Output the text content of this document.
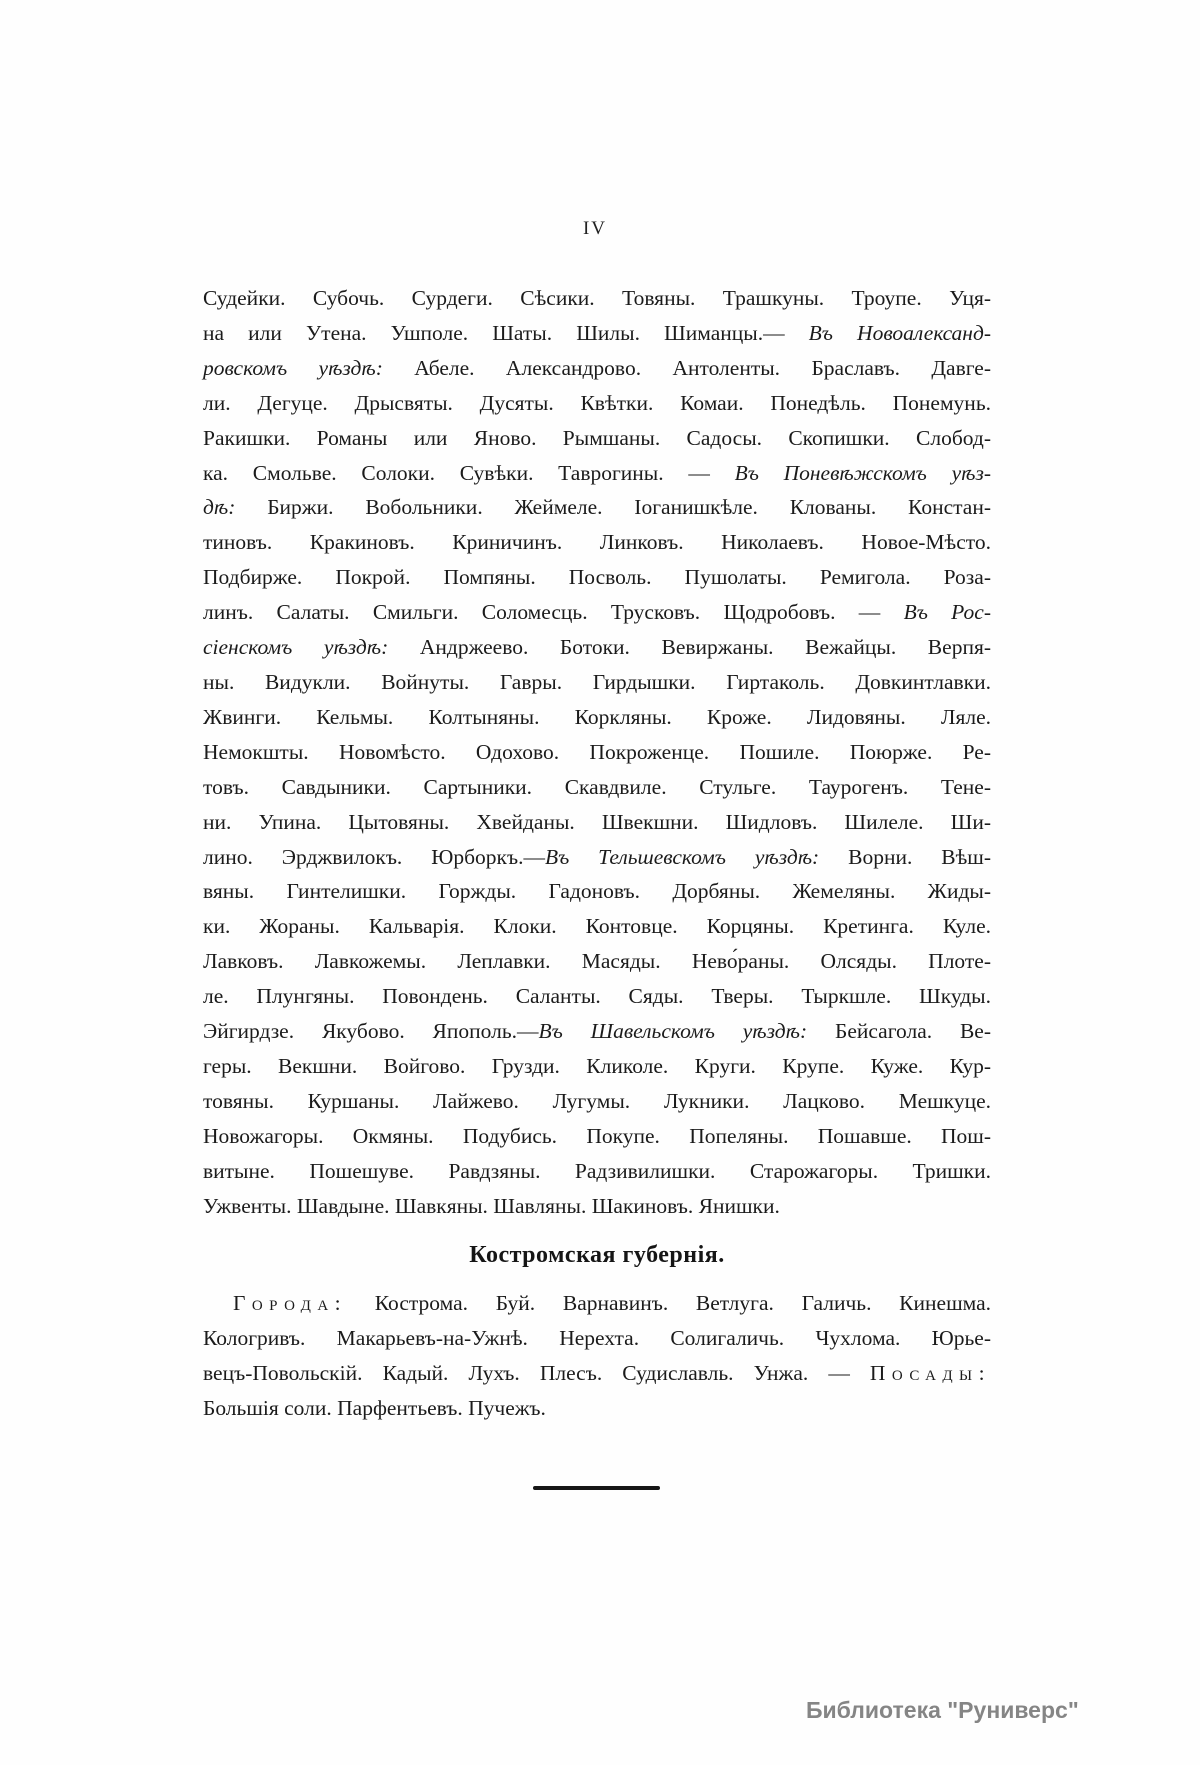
IV
Судейки. Субочь. Сурдеги. Сѣсики. Товяны. Трашкуны. Троупе. Уця-
на или Утена. Ушполе. Шаты. Шилы. Шиманцы.— Въ Новоалександ-
ровскомъ уѣздѣ: Абеле. Александрово. Антоленты. Браславъ. Давге-
ли. Дегуце. Дрысвяты. Дусяты. Квѣтки. Комаи. Понедѣль. Понемунь.
Ракишки. Романы или Яново. Рымшаны. Садосы. Скопишки. Слобод-
ка. Смольве. Солоки. Сувѣки. Таврогины. — Въ Поневѣжскомъ уѣз-
дѣ: Биржи. Вобольники. Жеймеле. Іоганишкѣле. Клованы. Констан-
тиновъ. Кракиновъ. Криничинъ. Линковъ. Николаевъ. Новое-Мѣсто.
Подбирже. Покрой. Помпяны. Посволь. Пушолаты. Ремигола. Роза-
линъ. Салаты. Смильги. Соломесць. Трусковъ. Щодробовъ. — Въ Рос-
сіенскомъ уѣздѣ: Андржеево. Ботоки. Вевиржаны. Вежайцы. Верпя-
ны. Видукли. Войнуты. Гавры. Гирдышки. Гиртаколь. Довкинтлавки.
Жвинги. Кельмы. Колтыняны. Коркляны. Кроже. Лидовяны. Ляле.
Немокшты. Новомѣсто. Одохово. Покроженце. Пошиле. Поюрже. Ре-
товъ. Савдыники. Сартыники. Скавдвиле. Стульге. Таурогенъ. Тене-
ни. Упина. Цытовяны. Хвейданы. Швекшни. Шидловъ. Шилеле. Ши-
лино. Эрджвилокъ. Юрборкъ.—Въ Тельшевскомъ уѣздѣ: Ворни. Вѣш-
вяны. Гинтелишки. Горжды. Гадоновъ. Дорбяны. Жемеляны. Жиды-
ки. Жораны. Кальварія. Клоки. Контовце. Корцяны. Кретинга. Куле.
Лавковъ. Лавкожемы. Леплавки. Масяды. Нево́раны. Олсяды. Плоте-
ле. Плунгяны. Повондень. Саланты. Сяды. Тверы. Тыркшле. Шкуды.
Эйгирдзе. Якубово. Япополь.—Въ Шавельскомъ уѣздѣ: Бейсагола. Ве-
геры. Векшни. Войгово. Грузди. Кликоле. Круги. Крупе. Куже. Кур-
товяны. Куршаны. Лайжево. Лугумы. Лукники. Лацково. Мешкуце.
Новожагоры. Окмяны. Подубись. Покупе. Попеляны. Пошавше. Пош-
витыне. Пошешуве. Равдзяны. Радзивилишки. Старожагоры. Тришки.
Ужвенты. Шавдыне. Шавкяны. Шавляны. Шакиновъ. Янишки.
Костромская губернія.
Города: Кострома. Буй. Варнавинъ. Ветлуга. Галичь. Кинешма.
Кологривъ. Макарьевъ-на-Ужнѣ. Нерехта. Солигаличь. Чухлома. Юрье-
вецъ-Повольскій. Кадый. Лухъ. Плесъ. Судиславль. Унжа. — Посады:
Большія соли. Парфентьевъ. Пучежъ.
Библиотека "Руниверс"
